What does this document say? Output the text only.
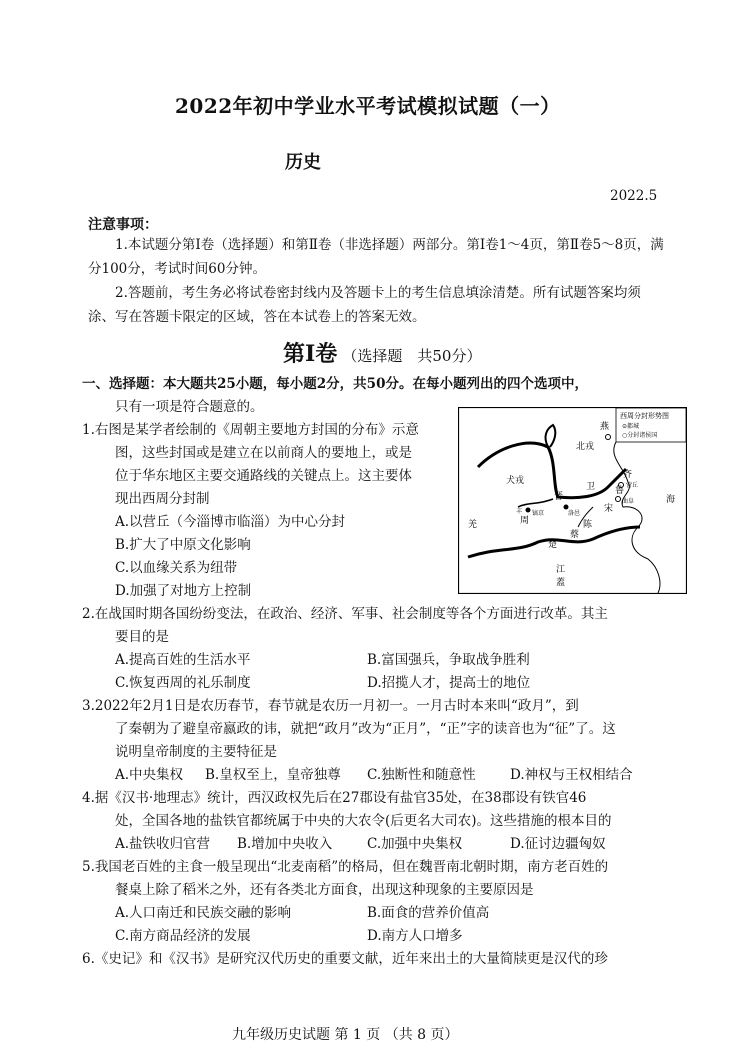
2022年初中学业水平考试模拟试题（一）
历史
2022.5
注意事项：
1.本试题分第Ⅰ卷（选择题）和第Ⅱ卷（非选择题）两部分。第Ⅰ卷1～4页，第Ⅱ卷5～8页，满分100分，考试时间60分钟。
2.答题前，考生务必将试卷密封线内及答题卡上的考生信息填涂清楚。所有试题答案均须涂、写在答题卡限定的区域，答在本试卷上的答案无效。
第Ⅰ卷 （选择题　共50分）
一、选择题：本大题共25小题，每小题2分，共50分。在每小题列出的四个选项中，
只有一项是符合题意的。
1.右图是某学者绘制的《周朝主要地方封国的分布》示意
图，这些封国或是建立在以前商人的要地上，或是
位于华东地区主要交通路线的关键点上。这主要体
现出西周分封制
A.以营丘（今淄博市临淄）为中心分封
B.扩大了中原文化影响
C.以血缘关系为纽带
D.加强了对地方上控制
西周分封形势图
⊙都城
○分封诸侯国
燕
北戎
犬戎
晋
卫
齐
鲁
宋
周	陈
蔡
楚
羌
江
蓋
海
丰 镐京	洛邑
营丘
曲阜
2.在战国时期各国纷纷变法，在政治、经济、军事、社会制度等各个方面进行改革。其主
要目的是
A.提高百姓的生活水平	B.富国强兵，争取战争胜利
C.恢复西周的礼乐制度	D.招揽人才，提高士的地位
3.2022年2月1日是农历春节，春节就是农历一月初一。一月古时本来叫“政月”，到
了秦朝为了避皇帝嬴政的讳，就把“政月”改为“正月”，“正”字的读音也为“征”了。这
说明皇帝制度的主要特征是
A.中央集权 B.皇权至上，皇帝独尊 C.独断性和随意性	D.神权与王权相结合
4.据《汉书·地理志》统计，西汉政权先后在27郡设有盐官35处，在38郡设有铁官46
处，全国各地的盐铁官都统属于中央的大农令(后更名大司农)。这些措施的根本目的
A.盐铁收归官营 B.增加中央收入	C.加强中央集权	D.征讨边疆匈奴
5.我国老百姓的主食一般呈现出“北麦南稻”的格局，但在魏晋南北朝时期，南方老百姓的
餐桌上除了稻米之外，还有各类北方面食，出现这种现象的主要原因是
A.人口南迁和民族交融的影响	B.面食的营养价值高
C.南方商品经济的发展	D.南方人口增多
6.《史记》和《汉书》是研究汉代历史的重要文献，近年来出土的大量简牍更是汉代的珍
九年级历史试题 第 1 页 （共 8 页）
